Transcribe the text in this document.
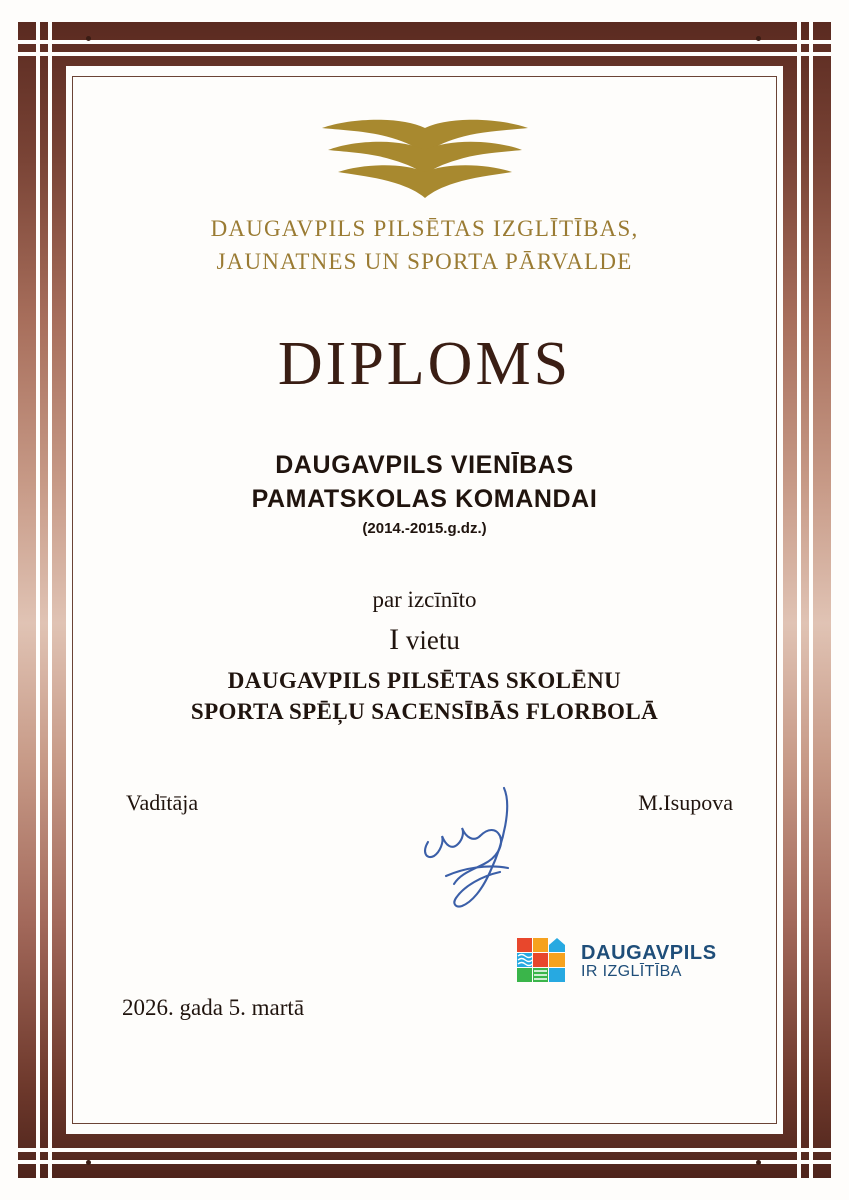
DAUGAVPILS PILSĒTAS IZGLĪTĪBAS,
JAUNATNES UN SPORTA PĀRVALDE
DIPLOMS
DAUGAVPILS VIENĪBAS
PAMATSKOLAS KOMANDAI
(2014.-2015.g.dz.)
par izcīnīto
I vietu
DAUGAVPILS PILSĒTAS SKOLĒNU
SPORTA SPĒĻU SACENSĪBĀS FLORBOLĀ
Vadītāja	M.Isupova
DAUGAVPILS
IR IZGLĪTĪBA
2026. gada 5. martā
